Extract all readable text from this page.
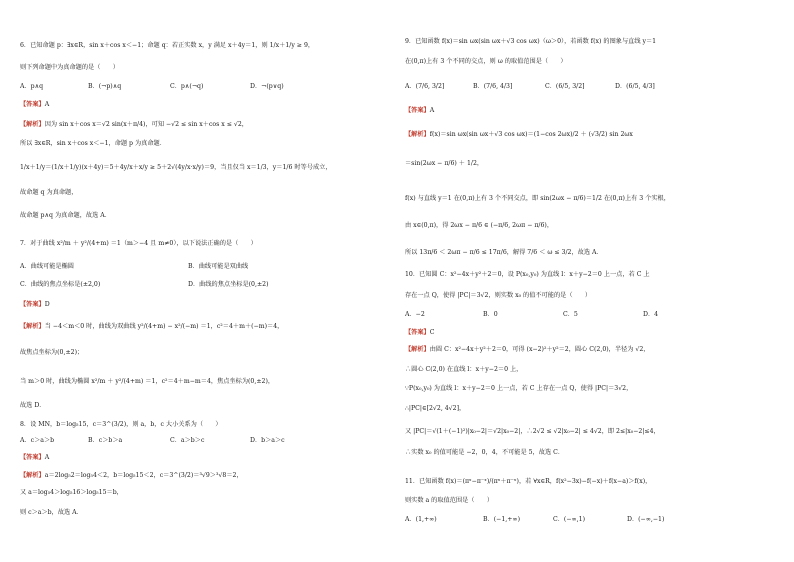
6．已知命题 p：∃x∈R，sin x＋cos x＜−1；命题 q：若正实数 x，y 满足 x＋4y＝1，则 1/x＋1/y ≥ 9，
则下列命题中为真命题的是（　　）
A．p∧q	B．(¬p)∧q	C．p∧(¬q)	D．¬(p∨q)
【答案】A
【解析】因为 sin x＋cos x＝√2 sin(x＋π/4)，可知 −√2 ≤ sin x＋cos x ≤ √2，
所以 ∃x∈R，sin x＋cos x＜−1，命题 p 为真命题．
1/x＋1/y＝(1/x＋1/y)(x＋4y)＝5＋4y/x＋x/y ≥ 5＋2√(4y/x·x/y)＝9，当且仅当 x＝1/3，y＝1/6 时等号成立，
故命题 q 为真命题，
故命题 p∧q 为真命题，故选 A．
7．对于曲线 x²/m ＋ y²/(4+m) ＝1（m＞−4 且 m≠0），以下说法正确的是（　　）
A．曲线可能是椭圆	B．曲线可能是双曲线
C．曲线的焦点坐标是(±2,0)	D．曲线的焦点坐标是(0,±2)
【答案】D
【解析】当 −4＜m＜0 时，曲线为双曲线 y²/(4+m) − x²/(−m) ＝1，c²＝4＋m＋(−m)＝4，
故焦点坐标为(0,±2)；
当 m＞0 时，曲线为椭圆 x²/m ＋ y²/(4+m) ＝1，c²＝4＋m−m＝4，焦点坐标为(0,±2)，
故选 D．
8．设 MN，b＝log₅15，c＝3^(3/2)，则 a，b，c 大小关系为（　　）
A．c＞a＞b	B．c＞b＞a	C．a＞b＞c	D．b＞a＞c
【答案】A
【解析】a＝2log₅2＝log₅4＜2，b＝log₅15＜2，c＝3^(3/2)＝³√9＞³√8＝2，
又 a＝log₅4＞log₅16＞log₅15＝b，
则 c＞a＞b，故选 A．
9．已知函数 f(x)＝sin ωx(sin ωx＋√3 cos ωx)（ω＞0），若函数 f(x) 的图象与直线 y＝1
在(0,π)上有 3 个不同的交点，则 ω 的取值范围是（　　）
A．(7/6, 3/2]	B．(7/6, 4/3]	C．(6/5, 3/2]	D．(6/5, 4/3]
【答案】A
【解析】f(x)＝sin ωx(sin ωx＋√3 cos ωx)＝(1−cos 2ωx)/2 ＋ (√3/2) sin 2ωx
＝sin(2ωx − π/6) ＋ 1/2，
f(x) 与直线 y＝1 在(0,π)上有 3 个不同交点，即 sin(2ωx − π/6)＝1/2 在(0,π)上有 3 个实根，
由 x∈(0,π)，得 2ωx − π/6 ∈ (−π/6, 2ωπ − π/6)，
所以 13π/6 ＜ 2ωπ − π/6 ≤ 17π/6，解得 7/6 ＜ ω ≤ 3/2，故选 A．
10．已知圆 C：x²−4x＋y²＋2＝0，设 P(x₀,y₀) 为直线 l：x＋y−2＝0 上一点，若 C 上
存在一点 Q，使得 |PC|＝3√2，则实数 x₀ 的值不可能的是（　　）
A．−2	B．0	C．5	D．4
【答案】C
【解析】由圆 C：x²−4x＋y²＋2＝0，可得 (x−2)²＋y²＝2，圆心 C(2,0)，半径为 √2，
∴圆心 C(2,0) 在直线 l：x＋y−2＝0 上，
∵P(x₀,y₀) 为直线 l：x＋y−2＝0 上一点，若 C 上存在一点 Q，使得 |PC|＝3√2，
∴|PC|∈[2√2, 4√2]，
又 |PC|＝√(1＋(−1)²)|x₀−2|＝√2|x₀−2|，∴2√2 ≤ √2|x₀−2| ≤ 4√2，即 2≤|x₀−2|≤4，
∴实数 x₀ 的值可能是 −2，0，4，不可能是 5，故选 C．
11．已知函数 f(x)＝(πˣ−π⁻ˣ)/(πˣ＋π⁻ˣ)，若 ∀x∈R，f(x²−3x)−f(−x)＋f(x−a)＞f(x)，
则实数 a 的取值范围是（　　）
A．(1,+∞)	B．(−1,+∞)	C．(−∞,1)	D．(−∞,−1)
